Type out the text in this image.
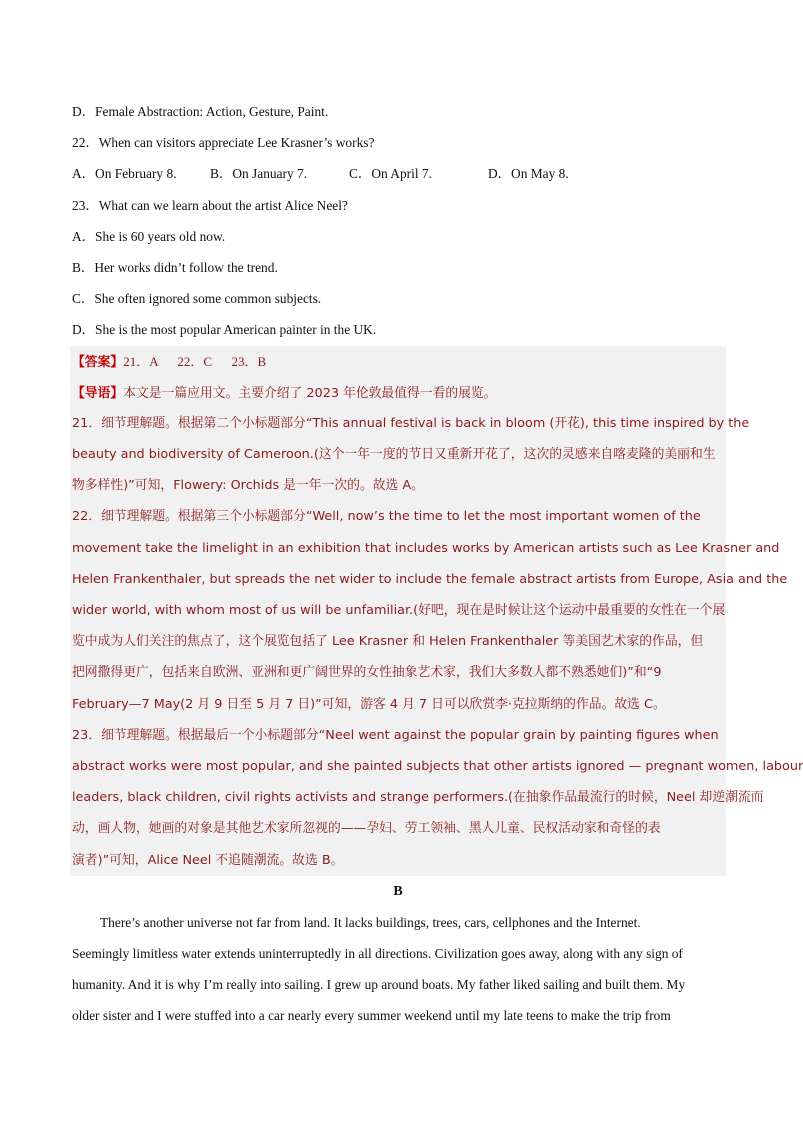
D．Female Abstraction: Action, Gesture, Paint.
22．When can visitors appreciate Lee Krasner’s works?
A．On February 8.	B．On January 7.	C．On April 7.	D．On May 8.
23．What can we learn about the artist Alice Neel?
A．She is 60 years old now.
B．Her works didn’t follow the trend.
C．She often ignored some common subjects.
D．She is the most popular American painter in the UK.
【答案】21．A      22．C      23．B
【导语】本文是一篇应用文。主要介绍了 2023 年伦敦最值得一看的展览。
21．细节理解题。根据第二个小标题部分“This annual festival is back in bloom (开花), this time inspired by the
beauty and biodiversity of Cameroon.(这个一年一度的节日又重新开花了，这次的灵感来自喀麦隆的美丽和生
物多样性)”可知，Flowery: Orchids 是一年一次的。故选 A。
22．细节理解题。根据第三个小标题部分“Well, now’s the time to let the most important women of the
movement take the limelight in an exhibition that includes works by American artists such as Lee Krasner and
Helen Frankenthaler, but spreads the net wider to include the female abstract artists from Europe, Asia and the
wider world, with whom most of us will be unfamiliar.(好吧，现在是时候让这个运动中最重要的女性在一个展
览中成为人们关注的焦点了，这个展览包括了 Lee Krasner 和 Helen Frankenthaler 等美国艺术家的作品，但
把网撒得更广，包括来自欧洲、亚洲和更广阔世界的女性抽象艺术家，我们大多数人都不熟悉她们)”和“9
February—7 May(2 月 9 日至 5 月 7 日)”可知，游客 4 月 7 日可以欣赏李·克拉斯纳的作品。故选 C。
23．细节理解题。根据最后一个小标题部分“Neel went against the popular grain by painting figures when
abstract works were most popular, and she painted subjects that other artists ignored — pregnant women, labour
leaders, black children, civil rights activists and strange performers.(在抽象作品最流行的时候，Neel 却逆潮流而
动，画人物，她画的对象是其他艺术家所忽视的——孕妇、劳工领袖、黑人儿童、民权活动家和奇怪的表
演者)”可知，Alice Neel 不追随潮流。故选 B。
B
There’s another universe not far from land. It lacks buildings, trees, cars, cellphones and the Internet.
Seemingly limitless water extends uninterruptedly in all directions. Civilization goes away, along with any sign of
humanity. And it is why I’m really into sailing. I grew up around boats. My father liked sailing and built them. My
older sister and I were stuffed into a car nearly every summer weekend until my late teens to make the trip from
